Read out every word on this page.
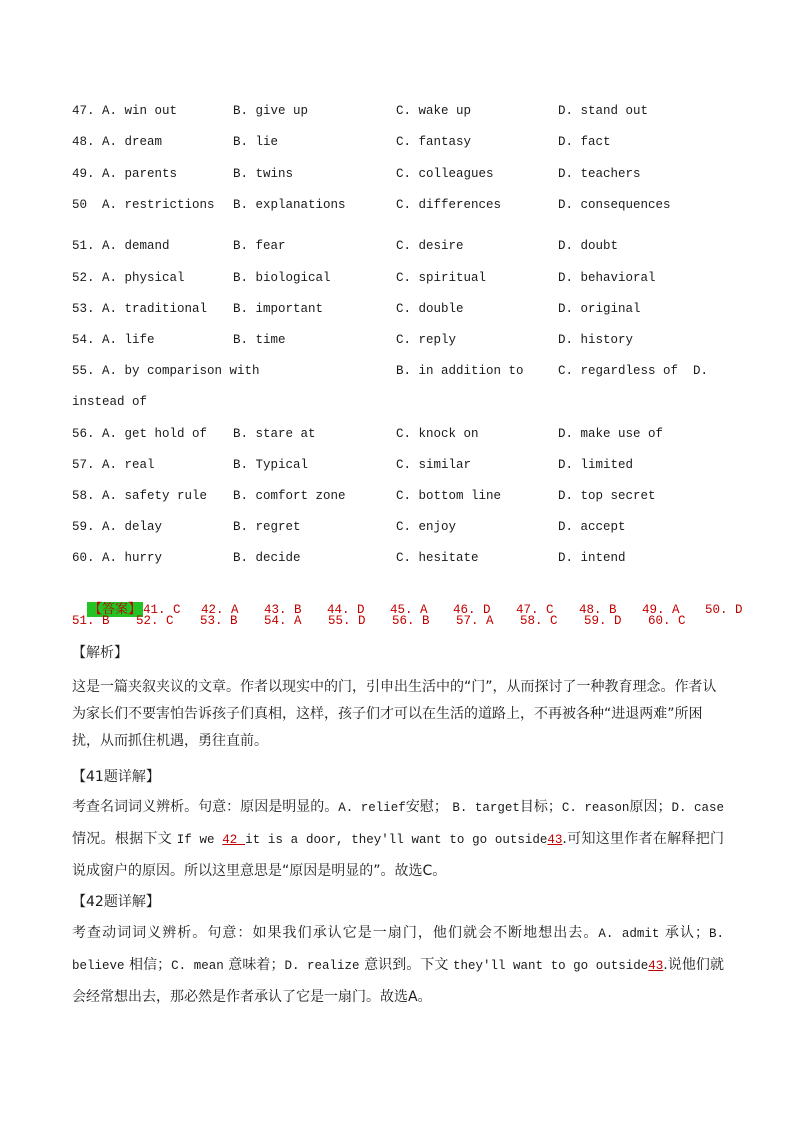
47. A. win out	B. give up	C. wake up	D. stand out
48. A. dream	B. lie	C. fantasy	D. fact
49. A. parents	B. twins	C. colleagues	D. teachers
50  A. restrictions B. explanations	C. differences	D. consequences
51. A. demand	B. fear	C. desire	D. doubt
52. A. physical	B. biological	C. spiritual	D. behavioral
53. A. traditional B. important	C. double	D. original
54. A. life	B. time	C. reply	D. history
55. A. by comparison with	B. in addition to	C. regardless of  D.
instead of
56. A. get hold of B. stare at	C. knock on	D. make use of
57. A. real	B. Typical	C. similar	D. limited
58. A. safety rule B. comfort zone	C. bottom line	D. top secret
59. A. delay	B. regret	C. enjoy	D. accept
60. A. hurry	B. decide	C. hesitate	D. intend

【答案】 41. C 42. A 43. B 44. D 45. A 46. D 47. C 48. B 49. A 50. D

51. B 52. C 53. B 54. A 55. D 56. B 57. A 58. C 59. D 60. C
【解析】
这是一篇夹叙夹议的文章。作者以现实中的门，引申出生活中的“门”，从而探讨了一种教育理念。作者认为家长们不要害怕告诉孩子们真相，这样，孩子们才可以在生活的道路上，不再被各种“进退两难”所困扰，从而抓住机遇，勇往直前。
【41题详解】
考查名词词义辨析。句意：原因是明显的。A. relief安慰； B. target目标；C. reason原因；D. case 情况。根据下文 If we 42 it is a door, they'll want to go outside43.可知这里作者在解释把门说成窗户的原因。所以这里意思是“原因是明显的”。故选C。
【42题详解】
考查动词词义辨析。句意：如果我们承认它是一扇门，他们就会不断地想出去。A. admit 承认；B. believe 相信；C. mean 意味着；D. realize 意识到。下文 they'll want to go outside43.说他们就会经常想出去，那必然是作者承认了它是一扇门。故选A。
